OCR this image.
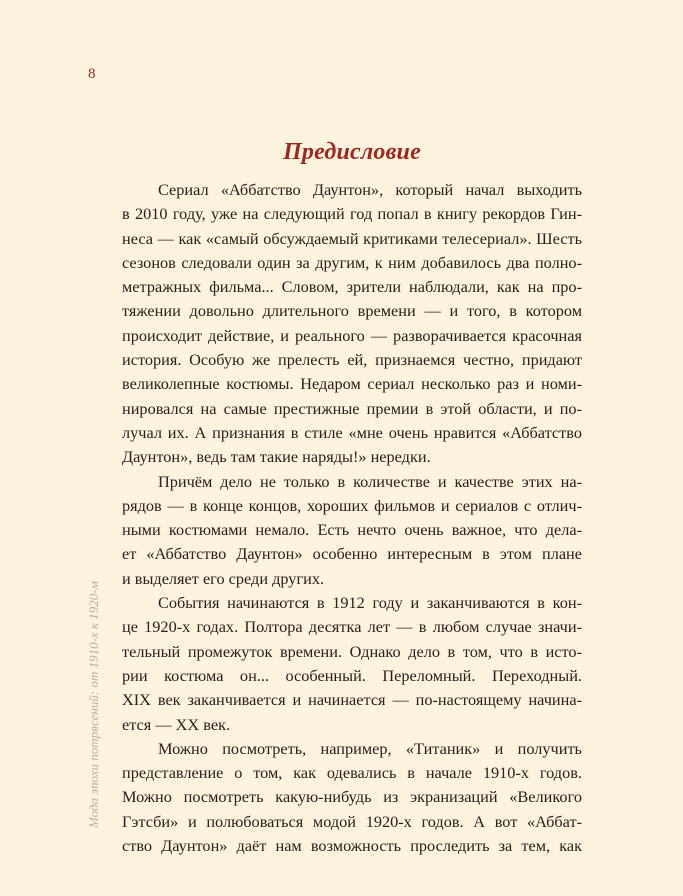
8
Мода эпохи потрясений: от 1910-х к 1920-м
Предисловие
Сериал «Аббатство Даунтон», который начал выходить
в 2010 году, уже на следующий год попал в книгу рекордов Гин-
неса — как «самый обсуждаемый критиками телесериал». Шесть
сезонов следовали один за другим, к ним добавилось два полно-
метражных фильма... Словом, зрители наблюдали, как на про-
тяжении довольно длительного времени — и того, в котором
происходит действие, и реального — разворачивается красочная
история. Особую же прелесть ей, признаемся честно, придают
великолепные костюмы. Недаром сериал несколько раз и номи-
нировался на самые престижные премии в этой области, и по-
лучал их. А признания в стиле «мне очень нравится «Аббатство
Даунтон», ведь там такие наряды!» нередки.
Причём дело не только в количестве и качестве этих на-
рядов — в конце концов, хороших фильмов и сериалов с отлич-
ными костюмами немало. Есть нечто очень важное, что дела-
ет «Аббатство Даунтон» особенно интересным в этом плане
и выделяет его среди других.
События начинаются в 1912 году и заканчиваются в кон-
це 1920-х годах. Полтора десятка лет — в любом случае значи-
тельный промежуток времени. Однако дело в том, что в исто-
рии костюма он... особенный. Переломный. Переходный.
XIX век заканчивается и начинается — по-настоящему начина-
ется — XX век.
Можно посмотреть, например, «Титаник» и получить
представление о том, как одевались в начале 1910-х годов.
Можно посмотреть какую-нибудь из экранизаций «Великого
Гэтсби» и полюбоваться модой 1920-х годов. А вот «Аббат-
ство Даунтон» даёт нам возможность проследить за тем, как
